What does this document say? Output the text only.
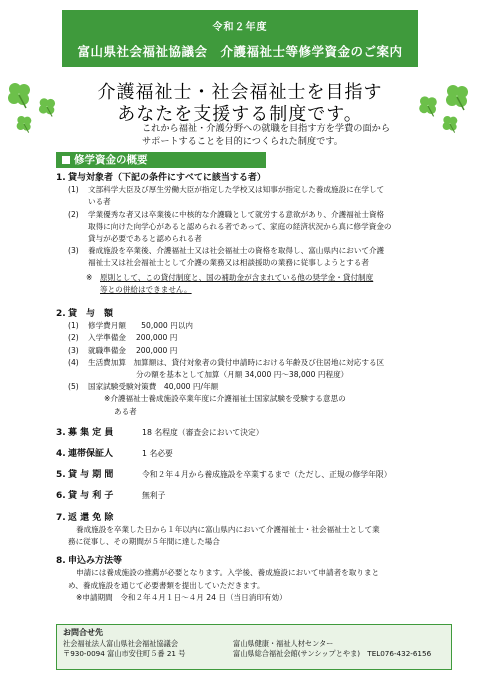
令和２年度
富山県社会福祉協議会　介護福祉士等修学資金のご案内
介護福祉士・社会福祉士を目指す
あなたを支援する制度です。
これから福祉・介護分野への就職を目指す方を学費の面から
サポートすることを目的につくられた制度です。
修学資金の概要
1. 貸与対象者（下記の条件にすべてに該当する者）
(1)	文部科学大臣及び厚生労働大臣が指定した学校又は知事が指定した養成施設に在学して
いる者
(2)	学業優秀な者又は卒業後に中核的な介護職として就労する意欲があり、介護福祉士資格
取得に向けた向学心があると認められる者であって、家庭の経済状況から真に修学資金の
貸与が必要であると認められる者
(3)	養成施設を卒業後、介護福祉士又は社会福祉士の資格を取得し、富山県内において介護
福祉士又は社会福祉士として介護の業務又は相談援助の業務に従事しようとする者
※	原則として、この貸付制度と、国の補助金が含まれている他の奨学金・貸付制度
等との併給はできません。
2. 貸　与　額
(1)	修学費月額　　50,000 円以内
(2)	入学準備金　 200,000 円
(3)	就職準備金　 200,000 円
(4)	生活費加算　加算額は、貸付対象者の貸付申請時における年齢及び住居地に対応する区
分の額を基本として加算（月額 34,000 円〜38,000 円程度）
(5)	国家試験受験対策費　40,000 円/年額
※介護福祉士養成施設卒業年度に介護福祉士国家試験を受験する意思の
ある者
3. 募 集 定 員	18 名程度（審査会において決定）
4. 連帯保証人	1 名必要
5. 貸 与 期 間	令和２年４月から養成施設を卒業するまで（ただし、正規の修学年限）
6. 貸 与 利 子	無利子
7. 返 還 免 除
養成施設を卒業した日から１年以内に富山県内において介護福祉士・社会福祉士として業
務に従事し、その期間が５年間に達した場合
8. 申込み方法等
申請には養成施設の推薦が必要となります。入学後、養成施設において申請者を取りまと
め、養成施設を通じて必要書類を提出していただきます。
※申請期間　令和２年４月１日〜４月 24 日（当日消印有効）
お問合せ先
社会福祉法人富山県社会福祉協議会	富山県健康・福祉人材センター
〒930-0094 富山市安住町５番 21 号	富山県総合福祉会館(サンシップとやま)　TEL076-432-6156
